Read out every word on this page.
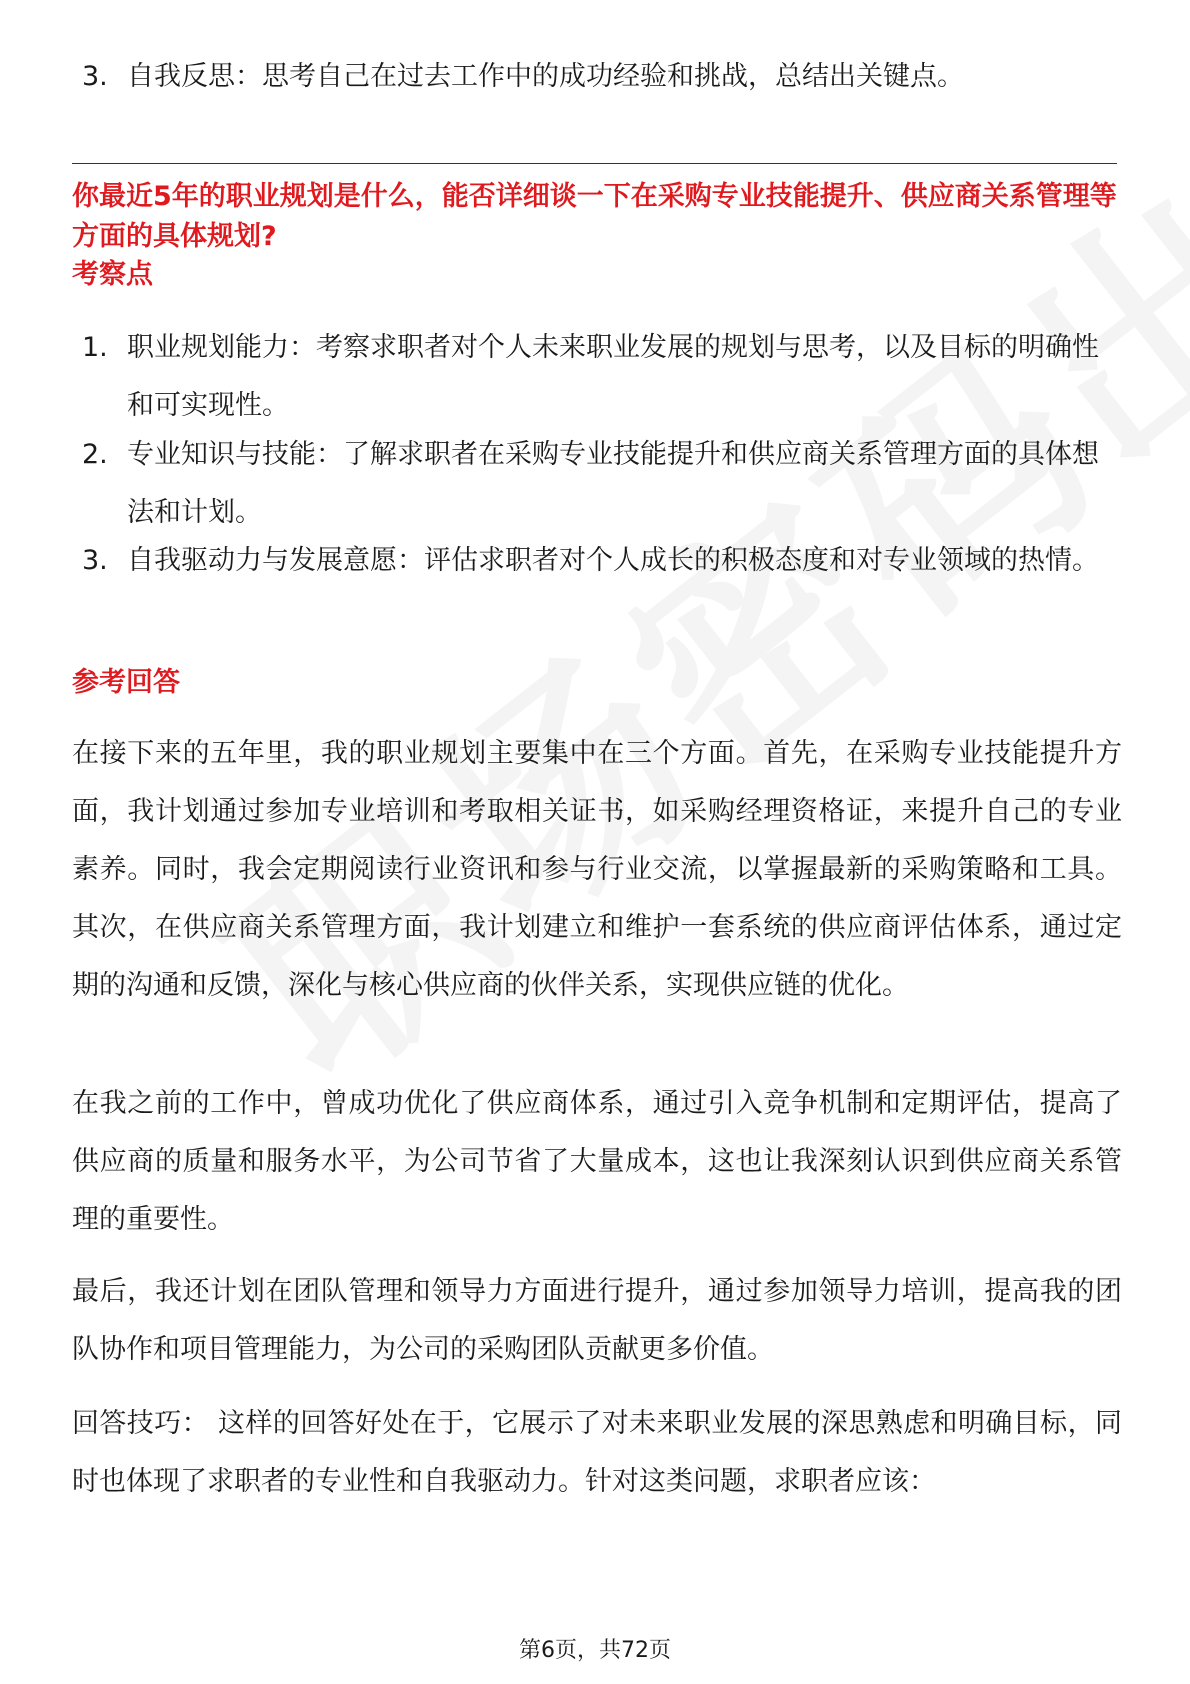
3. 自我反思：思考自己在过去工作中的成功经验和挑战，总结出关键点。
你最近5年的职业规划是什么，能否详细谈一下在采购专业技能提升、供应商关系管理等方面的具体规划?
考察点
1. 职业规划能力：考察求职者对个人未来职业发展的规划与思考，以及目标的明确性和可实现性。
2. 专业知识与技能：了解求职者在采购专业技能提升和供应商关系管理方面的具体想法和计划。
3. 自我驱动力与发展意愿：评估求职者对个人成长的积极态度和对专业领域的热情。
参考回答
在接下来的五年里，我的职业规划主要集中在三个方面。首先，在采购专业技能提升方面，我计划通过参加专业培训和考取相关证书，如采购经理资格证，来提升自己的专业素养。同时，我会定期阅读行业资讯和参与行业交流，以掌握最新的采购策略和工具。其次，在供应商关系管理方面，我计划建立和维护一套系统的供应商评估体系，通过定期的沟通和反馈，深化与核心供应商的伙伴关系，实现供应链的优化。
在我之前的工作中，曾成功优化了供应商体系，通过引入竞争机制和定期评估，提高了供应商的质量和服务水平，为公司节省了大量成本，这也让我深刻认识到供应商关系管理的重要性。
最后，我还计划在团队管理和领导力方面进行提升，通过参加领导力培训，提高我的团队协作和项目管理能力，为公司的采购团队贡献更多价值。
回答技巧： 这样的回答好处在于，它展示了对未来职业发展的深思熟虑和明确目标，同时也体现了求职者的专业性和自我驱动力。针对这类问题，求职者应该：
第6页，共72页
